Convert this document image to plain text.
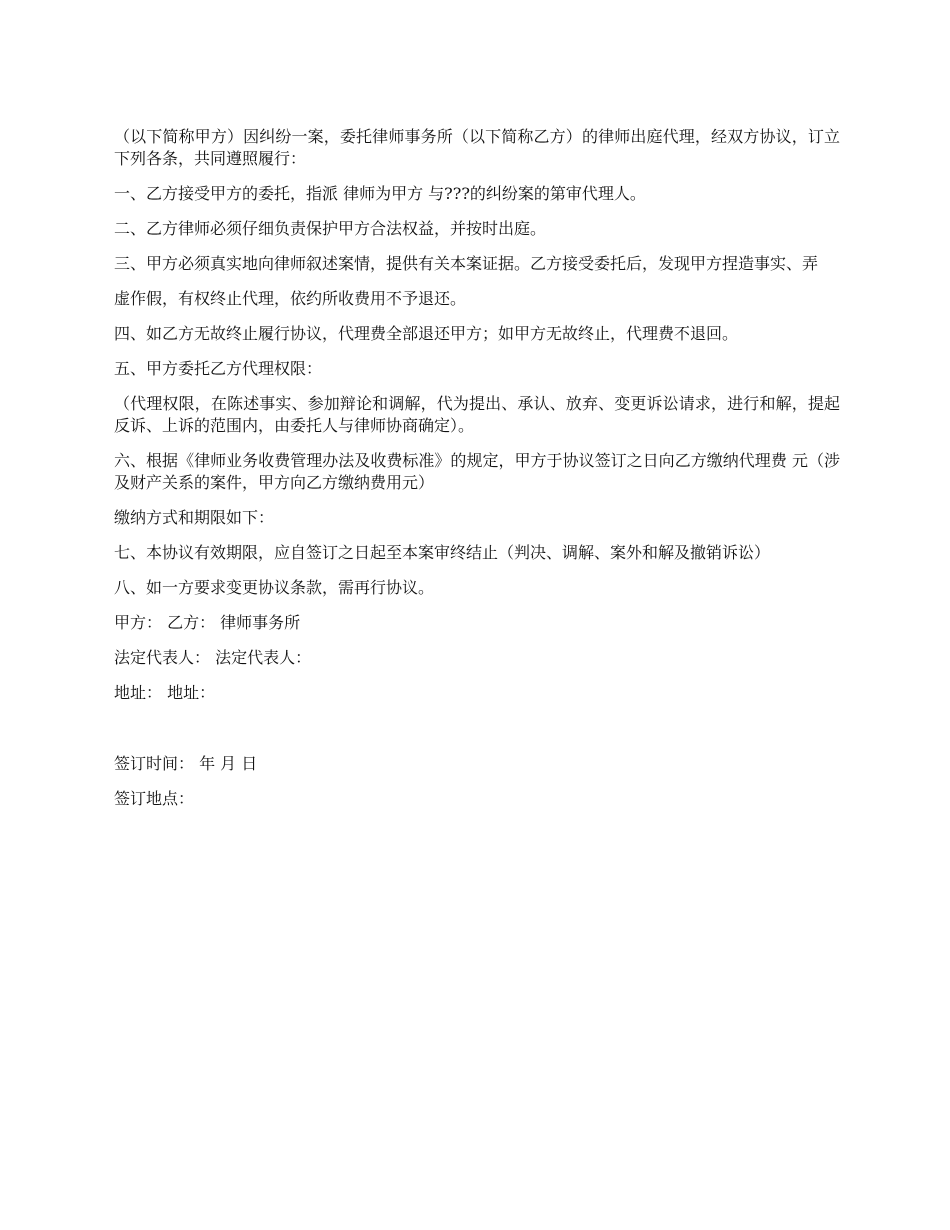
（以下简称甲方）因纠纷一案，委托律师事务所（以下简称乙方）的律师出庭代理，经双方协议，订立下列各条，共同遵照履行：

一、乙方接受甲方的委托，指派 律师为甲方 与???的纠纷案的第审代理人。

二、乙方律师必须仔细负责保护甲方合法权益，并按时出庭。

三、甲方必须真实地向律师叙述案情，提供有关本案证据。乙方接受委托后，发现甲方捏造事实、弄

虚作假，有权终止代理，依约所收费用不予退还。

四、如乙方无故终止履行协议，代理费全部退还甲方；如甲方无故终止，代理费不退回。

五、甲方委托乙方代理权限：

（代理权限，在陈述事实、参加辩论和调解，代为提出、承认、放弃、变更诉讼请求，进行和解，提起反诉、上诉的范围内，由委托人与律师协商确定）。

六、根据《律师业务收费管理办法及收费标准》的规定，甲方于协议签订之日向乙方缴纳代理费 元（涉及财产关系的案件，甲方向乙方缴纳费用元）

缴纳方式和期限如下：

七、本协议有效期限，应自签订之日起至本案审终结止（判决、调解、案外和解及撤销诉讼）

八、如一方要求变更协议条款，需再行协议。

甲方： 乙方： 律师事务所

法定代表人： 法定代表人：

地址： 地址：

签订时间： 年 月 日

签订地点：
